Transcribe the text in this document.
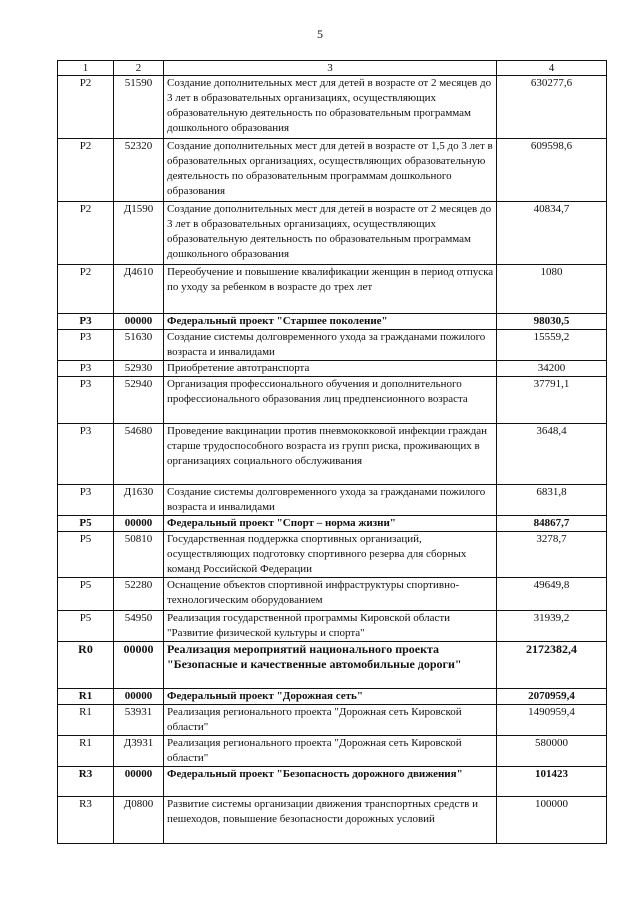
5
1	2	3	4
Р2	51590	Создание дополнительных мест для детей в возрасте от 2 месяцев до 3 лет в образовательных организациях, осуществляющих образовательную деятельность по образовательным программам дошкольного образования	630277,6
Р2	52320	Создание дополнительных мест для детей в возрасте от 1,5 до 3 лет в образовательных организациях, осуществляющих образовательную деятельность по образовательным программам дошкольного образования	609598,6
Р2	Д1590	Создание дополнительных мест для детей в возрасте от 2 месяцев до 3 лет в образовательных организациях, осуществляющих образовательную деятельность по образовательным программам дошкольного образования	40834,7
Р2	Д4610	Переобучение и повышение квалификации женщин в период отпуска по уходу за ребенком в возрасте до трех лет	1080
Р3	00000	Федеральный проект "Старшее поколение"	98030,5
Р3	51630	Создание системы долговременного ухода за гражданами пожилого возраста и инвалидами	15559,2
Р3	52930	Приобретение автотранспорта	34200
Р3	52940	Организация профессионального обучения и дополнительного профессионального образования лиц предпенсионного возраста	37791,1
Р3	54680	Проведение вакцинации против пневмококковой инфекции граждан старше трудоспособного возраста из групп риска, проживающих в организациях социального обслуживания	3648,4
Р3	Д1630	Создание системы долговременного ухода за гражданами пожилого возраста и инвалидами	6831,8
Р5	00000	Федеральный проект "Спорт – норма жизни"	84867,7
Р5	50810	Государственная поддержка спортивных организаций, осуществляющих подготовку спортивного резерва для сборных команд Российской Федерации	3278,7
Р5	52280	Оснащение объектов спортивной инфраструктуры спортивно-технологическим оборудованием	49649,8
Р5	54950	Реализация государственной программы Кировской области "Развитие физической культуры и спорта"	31939,2
R0	00000	Реализация мероприятий национального проекта "Безопасные и качественные автомобильные дороги"	2172382,4
R1	00000	Федеральный проект "Дорожная сеть"	2070959,4
R1	53931	Реализация регионального проекта "Дорожная сеть Кировской области"	1490959,4
R1	Д3931	Реализация регионального проекта "Дорожная сеть Кировской области"	580000
R3	00000	Федеральный проект "Безопасность дорожного движения"	101423
R3	Д0800	Развитие системы организации движения транспортных средств и пешеходов, повышение безопасности дорожных условий	100000
